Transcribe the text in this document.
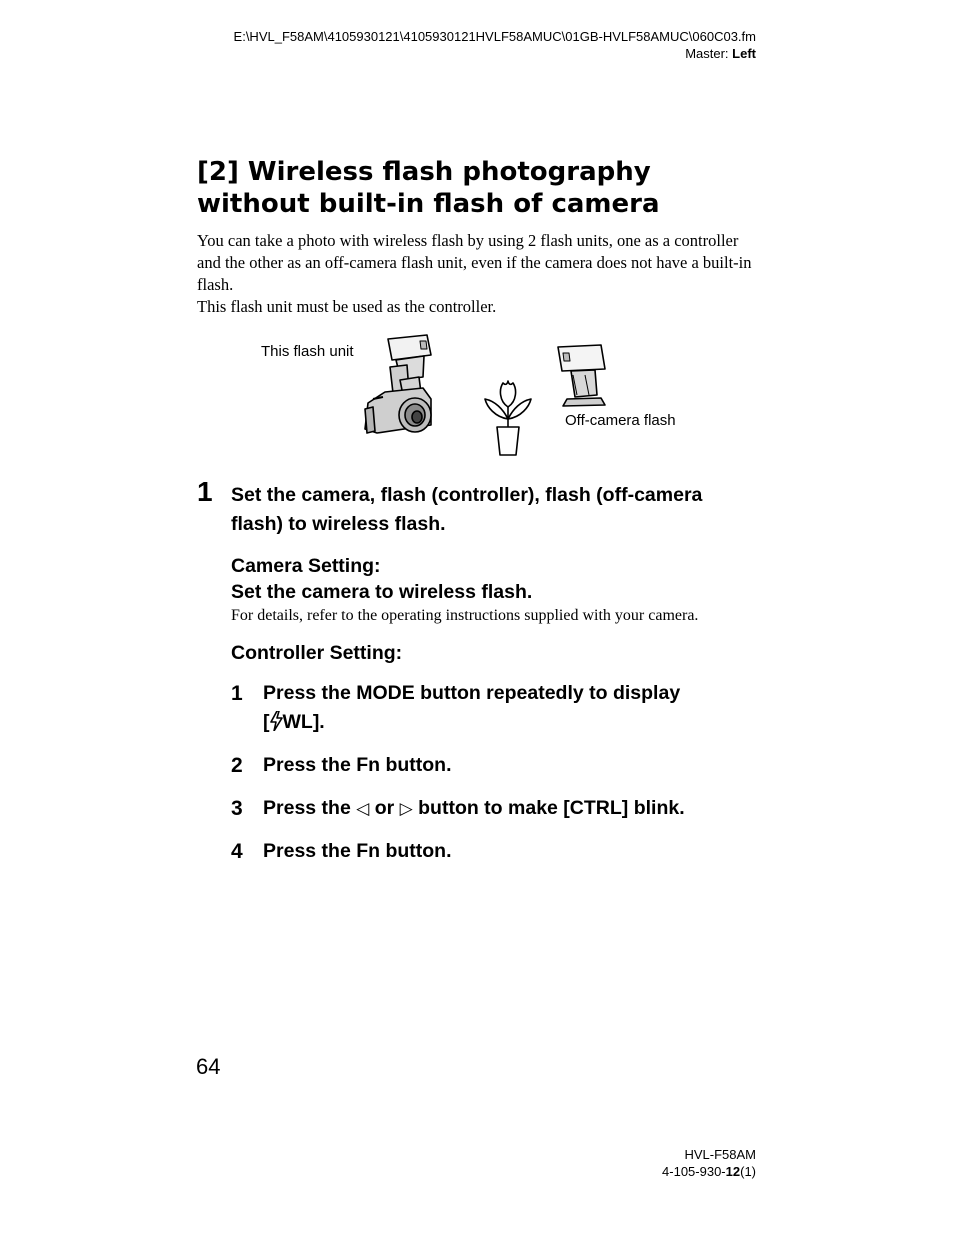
E:\HVL_F58AM\4105930121\4105930121HVLF58AMUC\01GB-HVLF58AMUC\060C03.fm
Master: Left
[2] Wireless flash photography
without built-in flash of camera

You can take a photo with wireless flash by using 2 flash units, one as a controller
and the other as an off-camera flash unit, even if the camera does not have a built-in
flash.
This flash unit must be used as the controller.

This flash unit
Off-camera flash
1 Set the camera, flash (controller), flash (off-camera
flash) to wireless flash.

Camera Setting:

Set the camera to wireless flash.

For details, refer to the operating instructions supplied with your camera.

Controller Setting:

1 Press the MODE button repeatedly to display
[ WL].

2 Press the Fn button.

3 Press the ◁ or ▷ button to make [CTRL] blink.

4 Press the Fn button.

64
HVL-F58AM
4-105-930-12(1)
